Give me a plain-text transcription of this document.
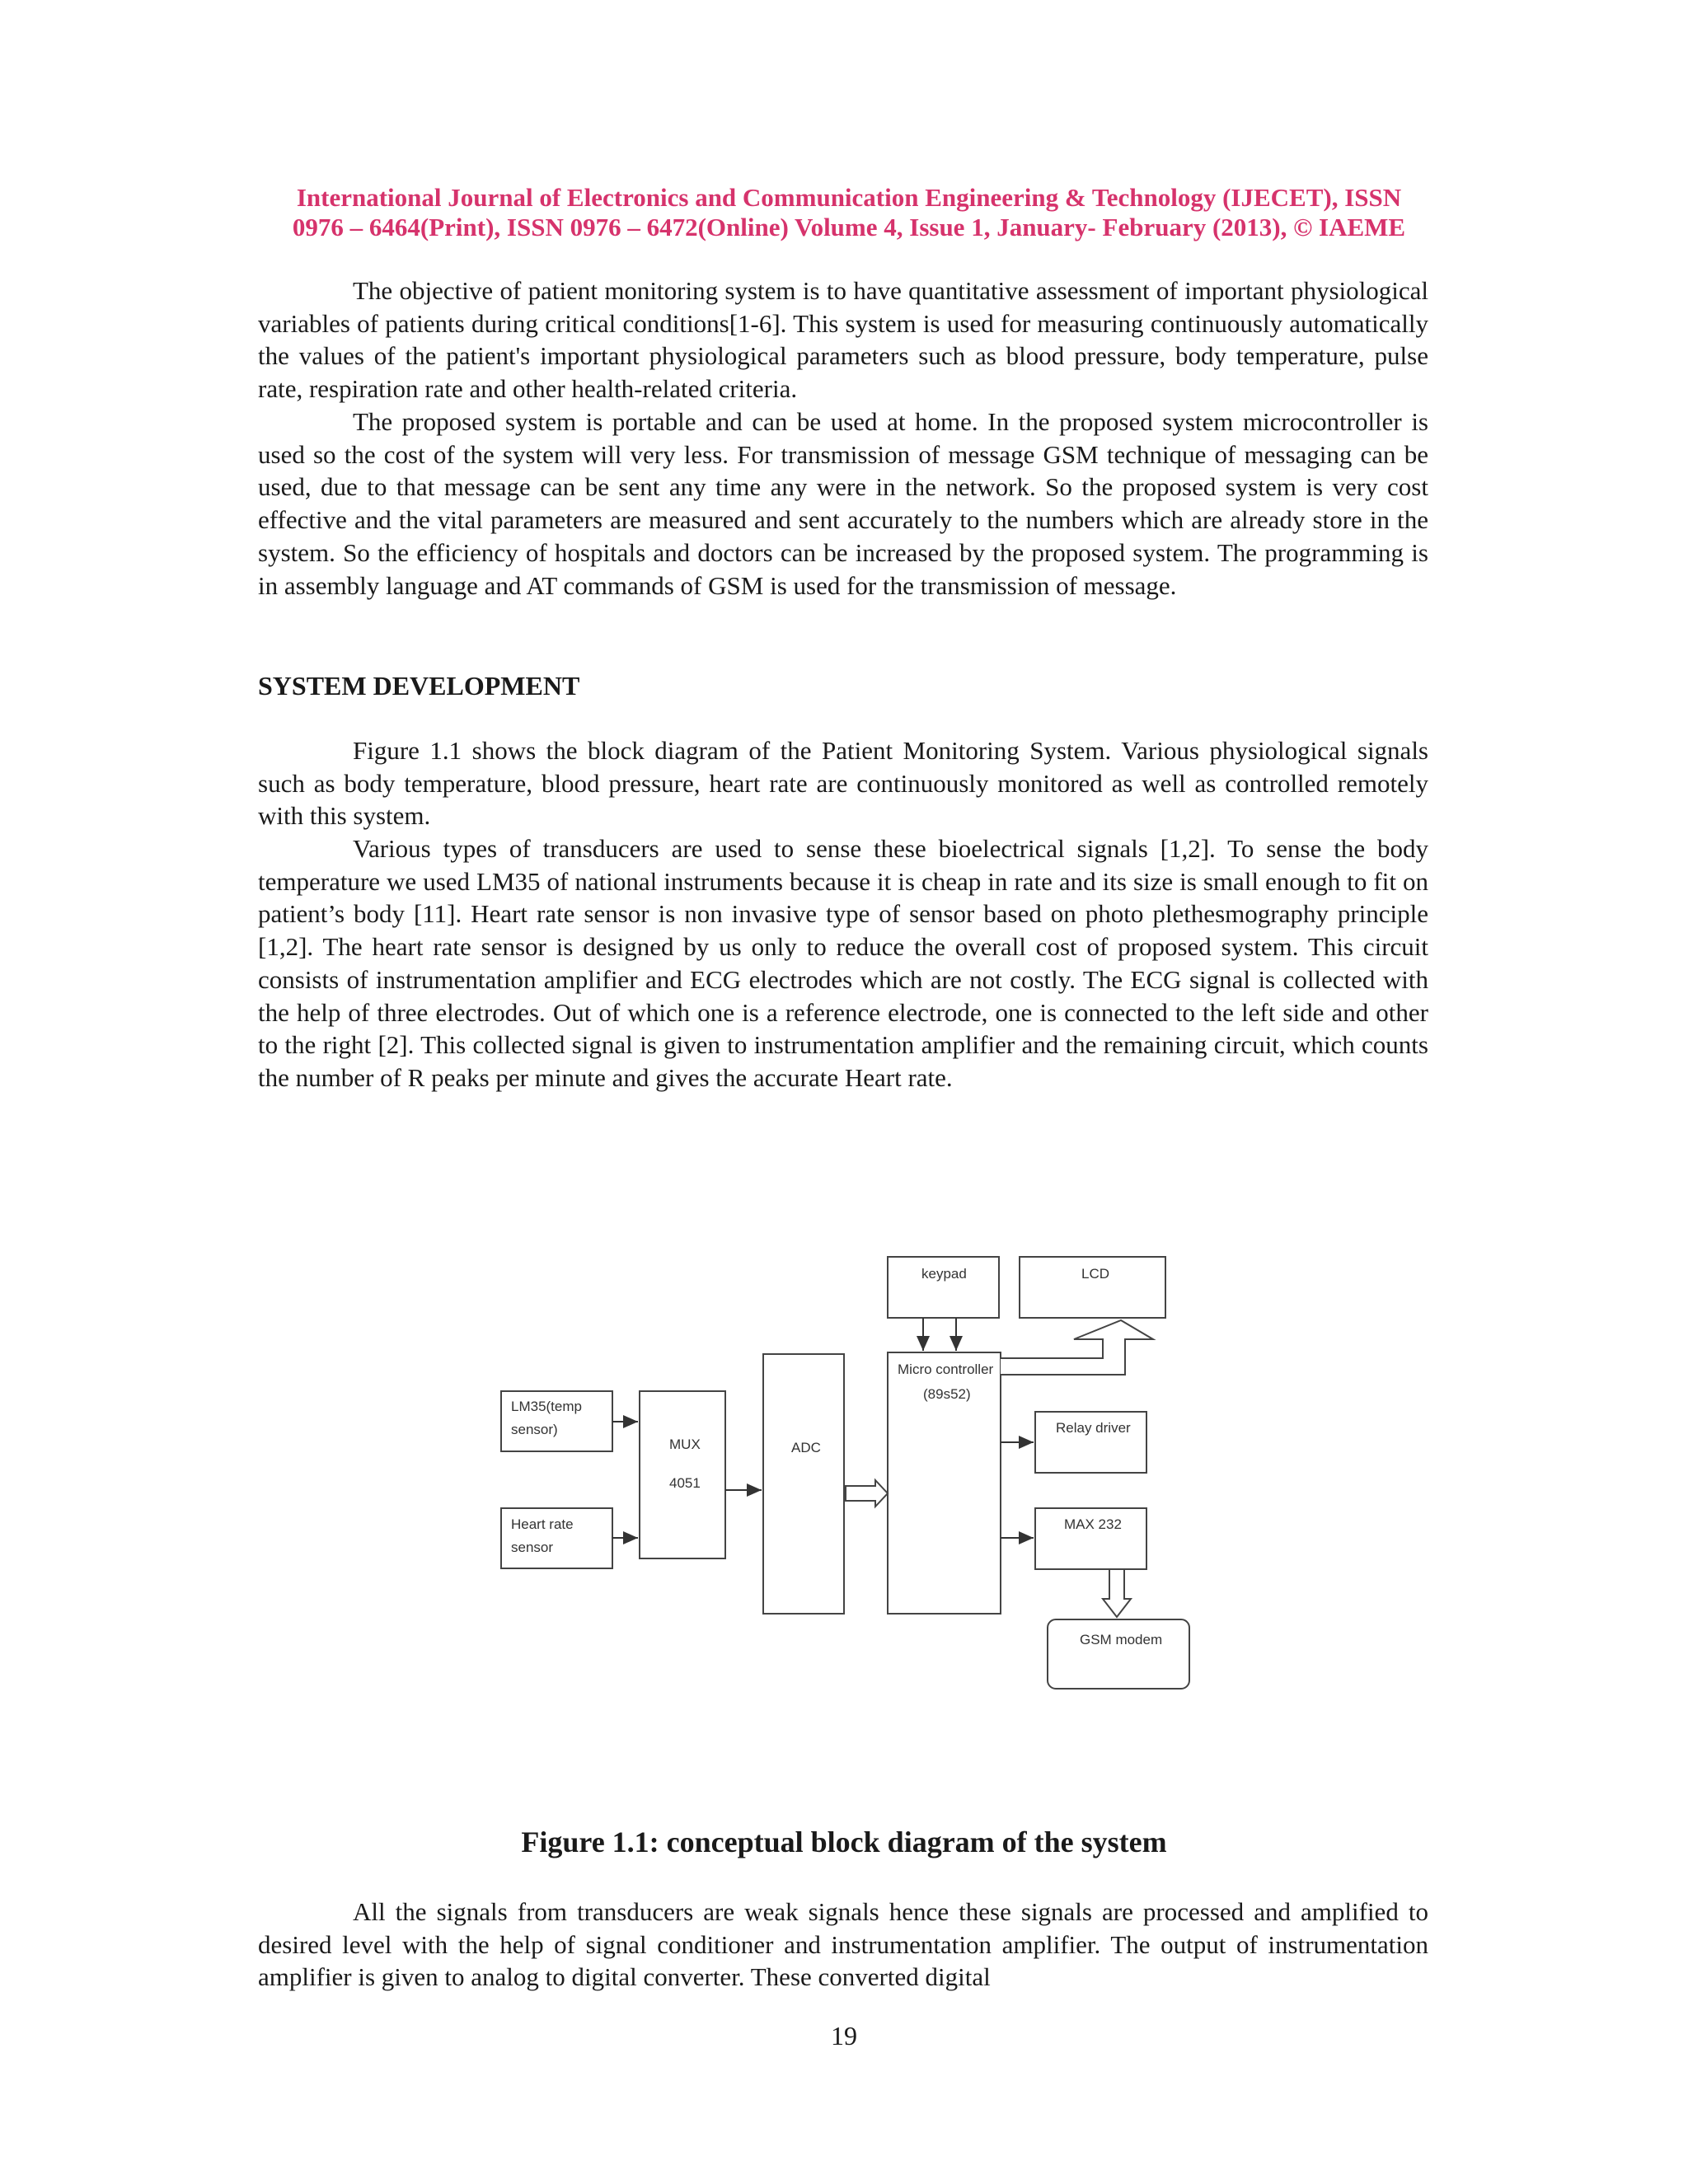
International Journal of Electronics and Communication Engineering & Technology (IJECET), ISSN
0976 – 6464(Print), ISSN 0976 – 6472(Online) Volume 4, Issue 1, January- February (2013), © IAEME

The objective of patient monitoring system is to have quantitative assessment of important physiological variables of patients during critical conditions[1-6]. This system is used for measuring continuously automatically the values of the patient's important physiological parameters such as blood pressure, body temperature, pulse rate, respiration rate and other health-related criteria.

The proposed system is portable and can be used at home. In the proposed system microcontroller is used so the cost of the system will very less. For transmission of message GSM technique of messaging can be used, due to that message can be sent any time any were in the network. So the proposed system is very cost effective and the vital parameters are measured and sent accurately to the numbers which are already store in the system. So the efficiency of hospitals and doctors can be increased by the proposed system. The programming is in assembly language and AT commands of GSM is used for the transmission of message.

SYSTEM DEVELOPMENT

Figure 1.1 shows the block diagram of the Patient Monitoring System. Various physiological signals such as body temperature, blood pressure, heart rate are continuously monitored as well as controlled remotely with this system.

Various types of transducers are used to sense these bioelectrical signals [1,2]. To sense the body temperature we used LM35 of national instruments because it is cheap in rate and its size is small enough to fit on patient’s body [11]. Heart rate sensor is non invasive type of sensor based on photo plethesmography principle [1,2]. The heart rate sensor is designed by us only to reduce the overall cost of proposed system. This circuit consists of instrumentation amplifier and ECG electrodes which are not costly. The ECG signal is collected with the help of three electrodes. Out of which one is a reference electrode, one is connected to the left side and other to the right [2]. This collected signal is given to instrumentation amplifier and the remaining circuit, which counts the number of R peaks per minute and gives the accurate Heart rate.

LM35(temp
sensor)
Heart rate
sensor
MUX
4051
ADC
Micro controller
(89s52)
keypad	LCD
Relay driver
MAX 232
GSM modem

Figure 1.1: conceptual block diagram of the system

All the signals from transducers are weak signals hence these signals are processed and amplified to desired level with the help of signal conditioner and instrumentation amplifier. The output of instrumentation amplifier is given to analog to digital converter. These converted digital

19
